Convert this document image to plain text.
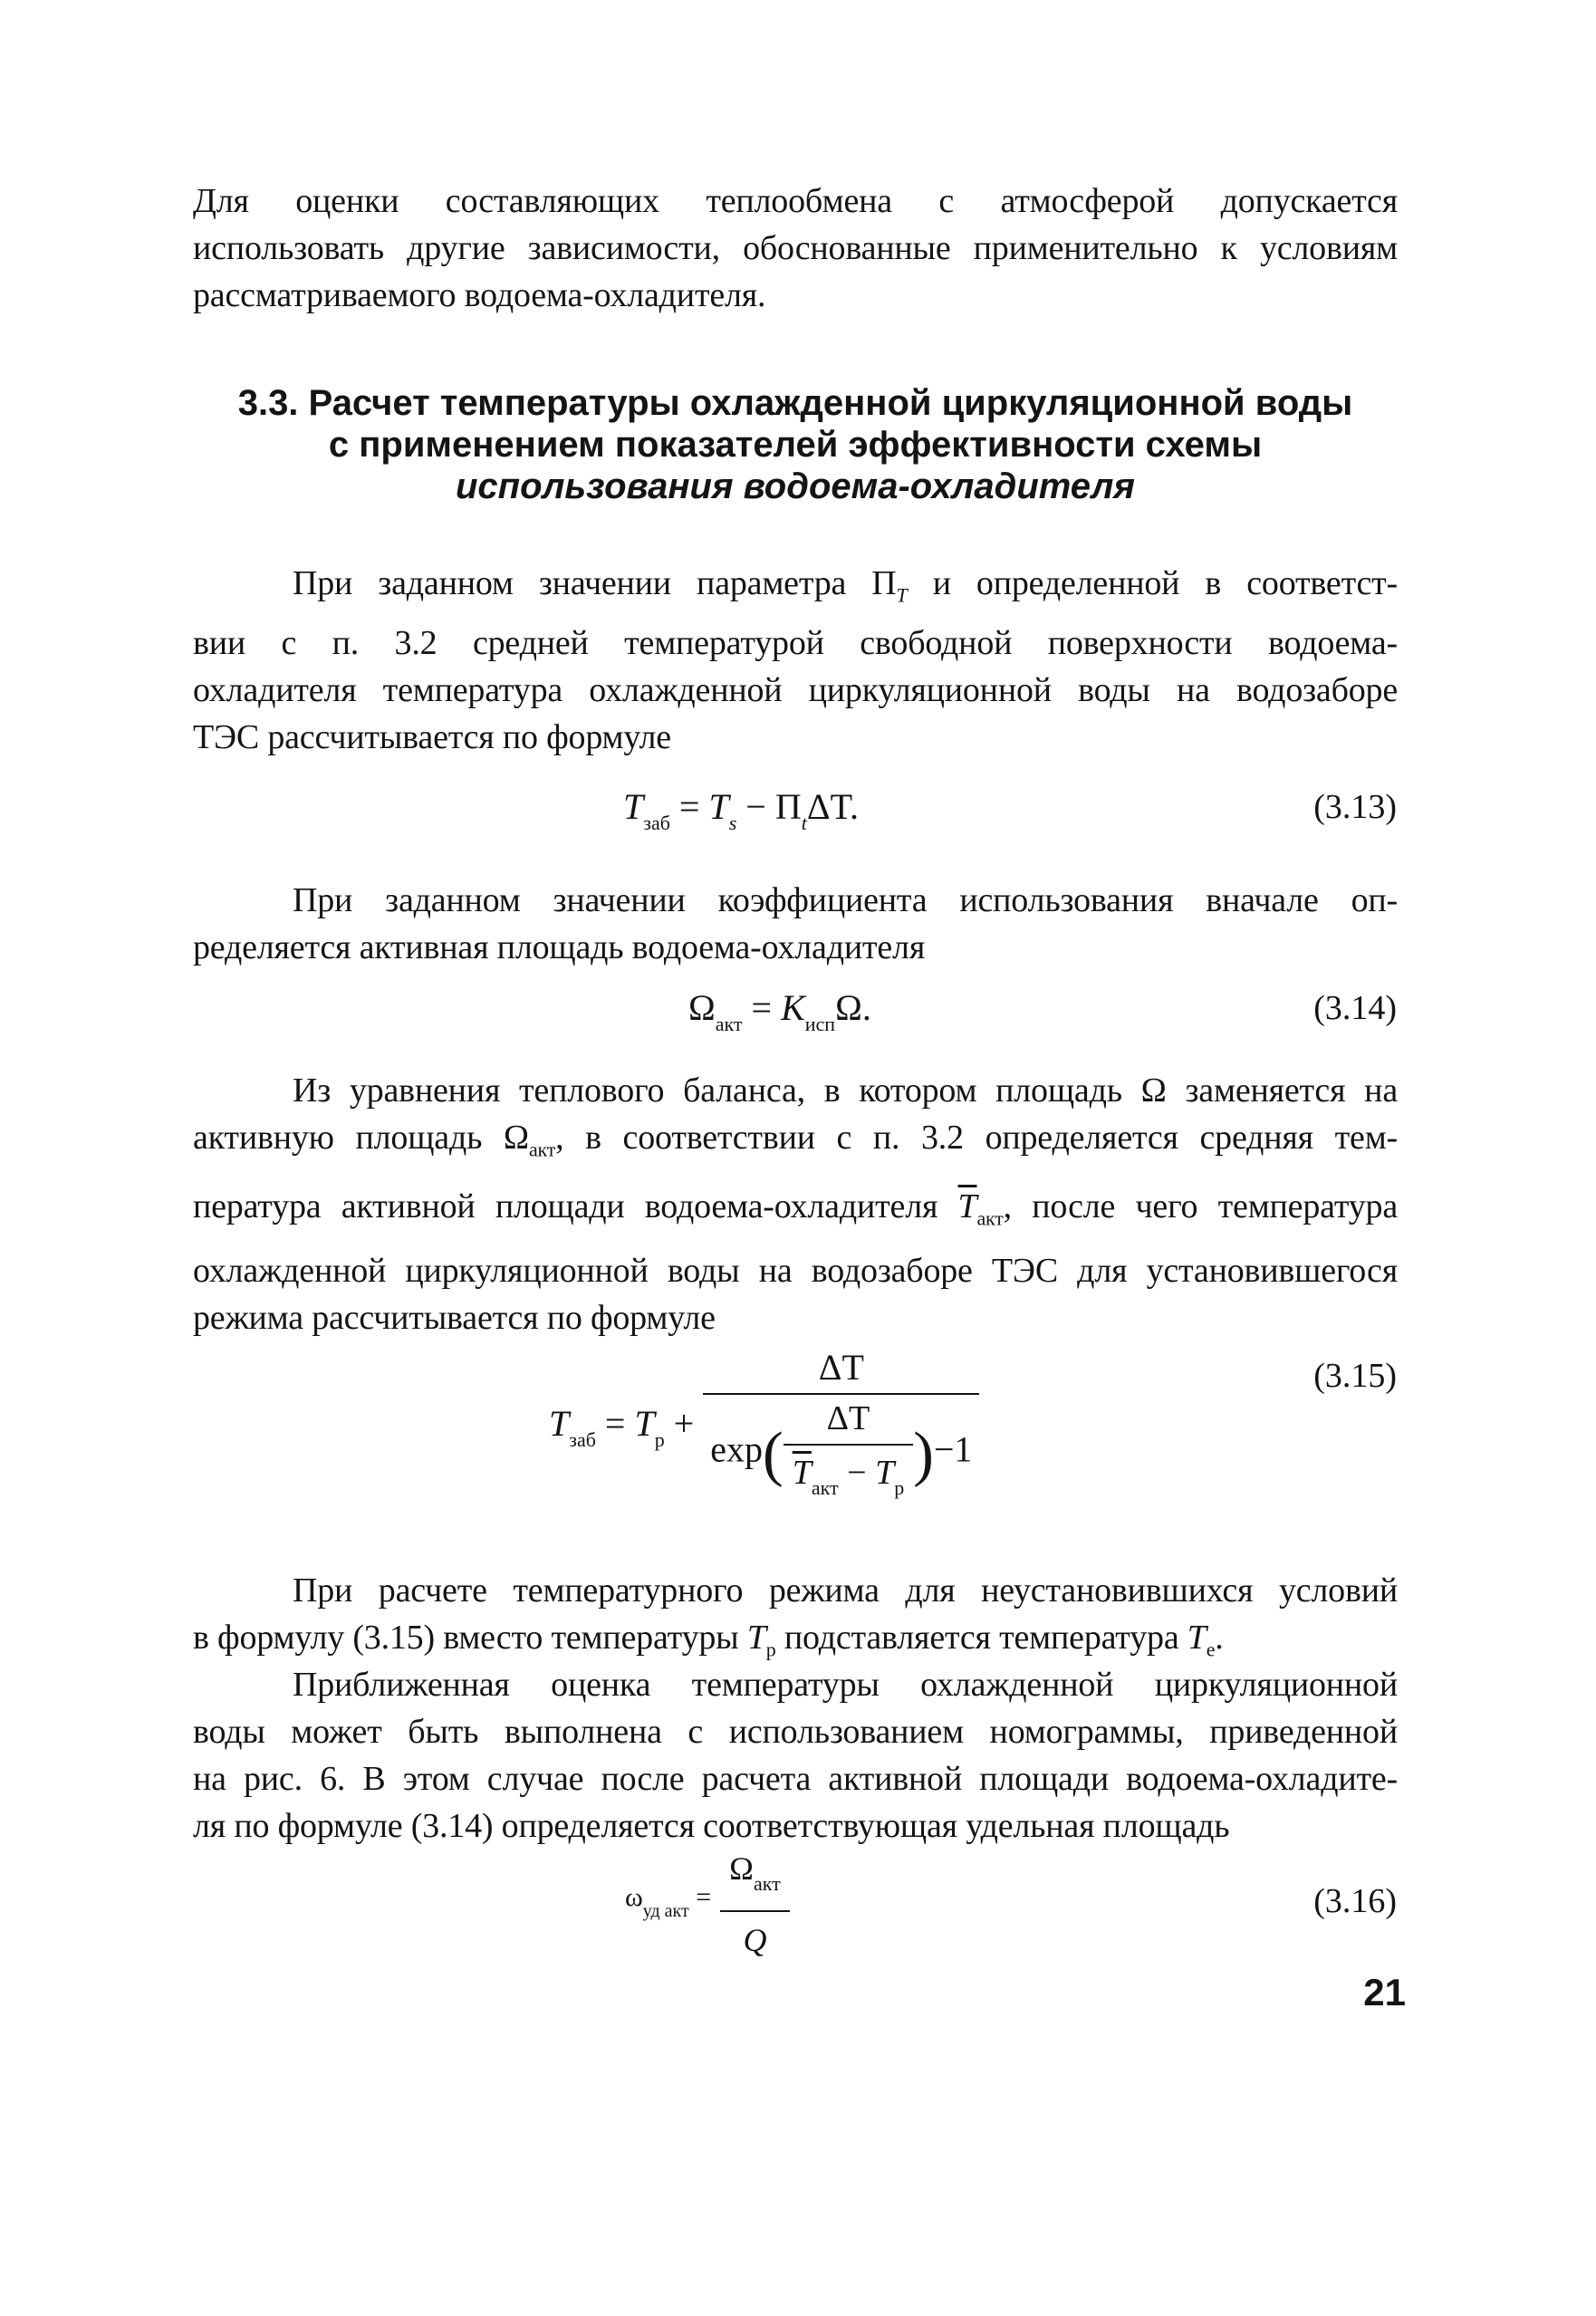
Для оценки составляющих теплообмена с атмосферой допускается
использовать другие зависимости, обоснованные применительно к условиям
рассматриваемого водоема-охладителя.
3.3. Расчет температуры охлажденной циркуляционной воды
с применением показателей эффективности схемы
использования водоема-охладителя
При заданном значении параметра $П_T$ и определенной в соответст-
вии с п. 3.2 средней температурой свободной поверхности водоема-
охладителя температура охлажденной циркуляционной воды на водозаборе
ТЭС рассчитывается по формуле
$T_{заб} = T_s - П_t\Delta T$.	(3.13)
При заданном значении коэффициента использования вначале оп-
ределяется активная площадь водоема-охладителя
$\Omega_{акт} = K_{исп}\Omega$.	(3.14)
Из уравнения теплового баланса, в котором площадь Ω заменяется на
активную площадь $\Omega_{акт}$, в соответствии с п. 3.2 определяется средняя тем-
пература активной площади водоема-охладителя $\overline{T}_{акт}$, после чего температура
охлажденной циркуляционной воды на водозаборе ТЭС для установившегося
режима рассчитывается по формуле
$T_{заб} = T_р + \frac{\Delta T}{\exp( \frac{\Delta T}{\overline{T}_{акт} - T_р} )-1}$	(3.15)
При расчете температурного режима для неустановившихся условий
в формулу (3.15) вместо температуры $T_р$ подставляется температура $T_е$.
Приближенная оценка температуры охлажденной циркуляционной
воды может быть выполнена с использованием номограммы, приведенной
на рис. 6. В этом случае после расчета активной площади водоема-охладите-
ля по формуле (3.14) определяется соответствующая удельная площадь
$\omega_{уд акт} = \frac{\Omega_{акт}}{Q}$	(3.16)
21
